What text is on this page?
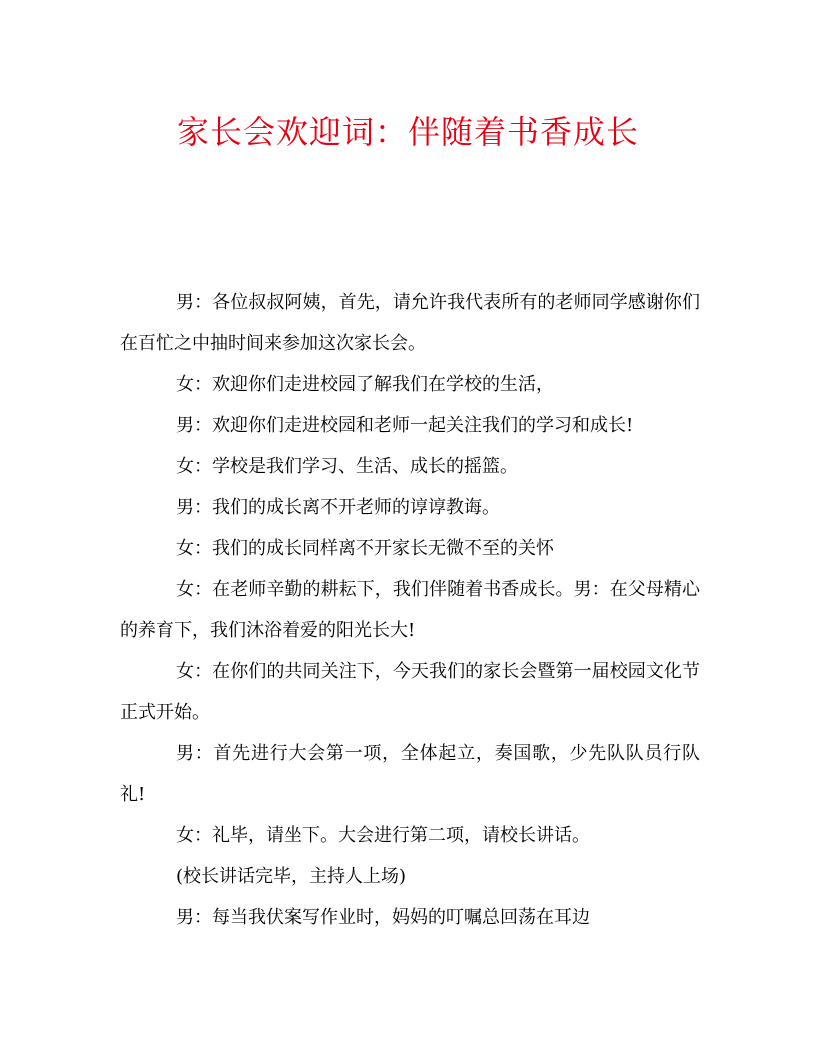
家长会欢迎词：伴随着书香成长

男：各位叔叔阿姨，首先，请允许我代表所有的老师同学感谢你们在百忙之中抽时间来参加这次家长会。

女：欢迎你们走进校园了解我们在学校的生活，

男：欢迎你们走进校园和老师一起关注我们的学习和成长!

女：学校是我们学习、生活、成长的摇篮。

男：我们的成长离不开老师的谆谆教诲。

女：我们的成长同样离不开家长无微不至的关怀

女：在老师辛勤的耕耘下，我们伴随着书香成长。男：在父母精心的养育下，我们沐浴着爱的阳光长大!

女：在你们的共同关注下，今天我们的家长会暨第一届校园文化节正式开始。

男：首先进行大会第一项，全体起立，奏国歌，少先队队员行队礼!

女：礼毕，请坐下。大会进行第二项，请校长讲话。

(校长讲话完毕，主持人上场)

男：每当我伏案写作业时，妈妈的叮嘱总回荡在耳边
